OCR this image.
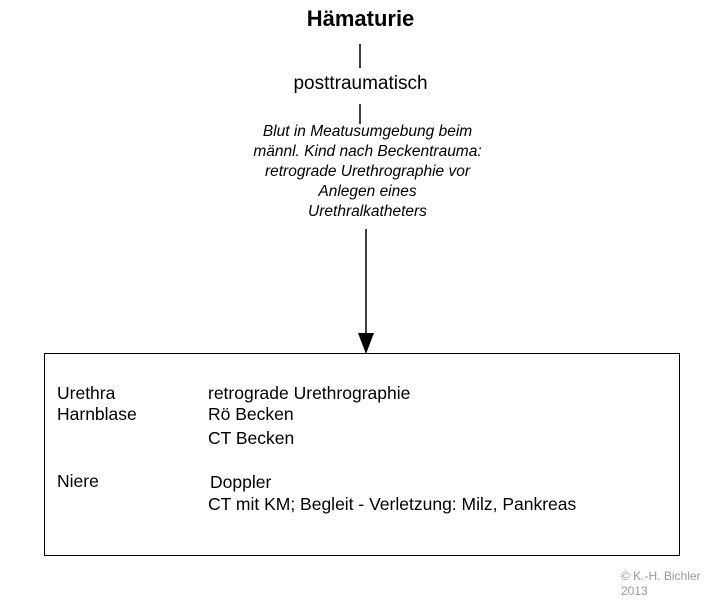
Hämaturie
posttraumatisch
Blut in Meatusumgebung beim
männl. Kind nach Beckentrauma:
retrograde Urethrographie vor
Anlegen eines
Urethralkatheters
Urethra
Harnblase
Niere
retrograde Urethrographie
Rö Becken
CT Becken
Doppler
CT mit KM; Begleit - Verletzung: Milz, Pankreas
© K.-H. Bichler
2013
